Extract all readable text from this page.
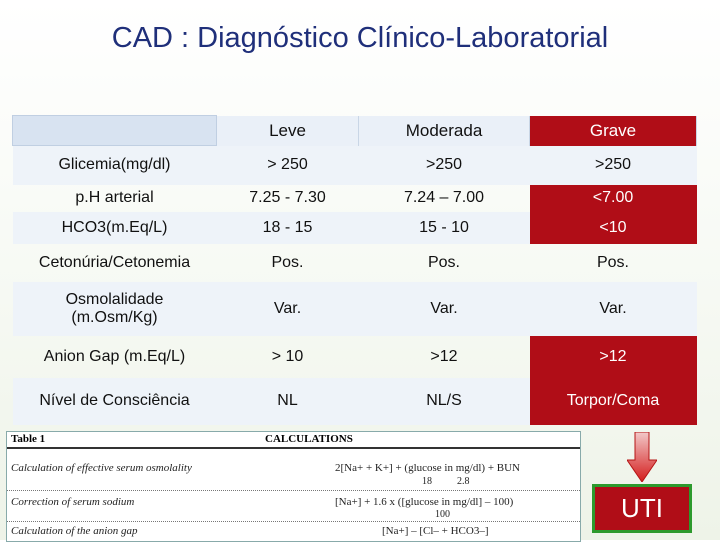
CAD : Diagnóstico Clínico-Laboratorial
	Leve	Moderada	Grave
Glicemia(mg/dl)	> 250	>250	>250
p.H arterial	7.25 - 7.30	7.24 – 7.00	<7.00
HCO3(m.Eq/L)	18 - 15	15 - 10	<10
Cetonúria/Cetonemia	Pos.	Pos.	Pos.
Osmolalidade
(m.Osm/Kg)	Var.	Var.	Var.
Anion Gap (m.Eq/L)	> 10	>12	>12
Nível de Consciência	NL	NL/S	Torpor/Coma
Table 1	CALCULATIONS
Calculation of effective serum osmolality	2[Na+ + K+] + (glucose in mg/dl) + BUN
18          2.8
Correction of serum sodium	[Na+] + 1.6 x ([glucose in mg/dl] – 100)
100
Calculation of the anion gap	[Na+] – [Cl– + HCO3–]
UTI
